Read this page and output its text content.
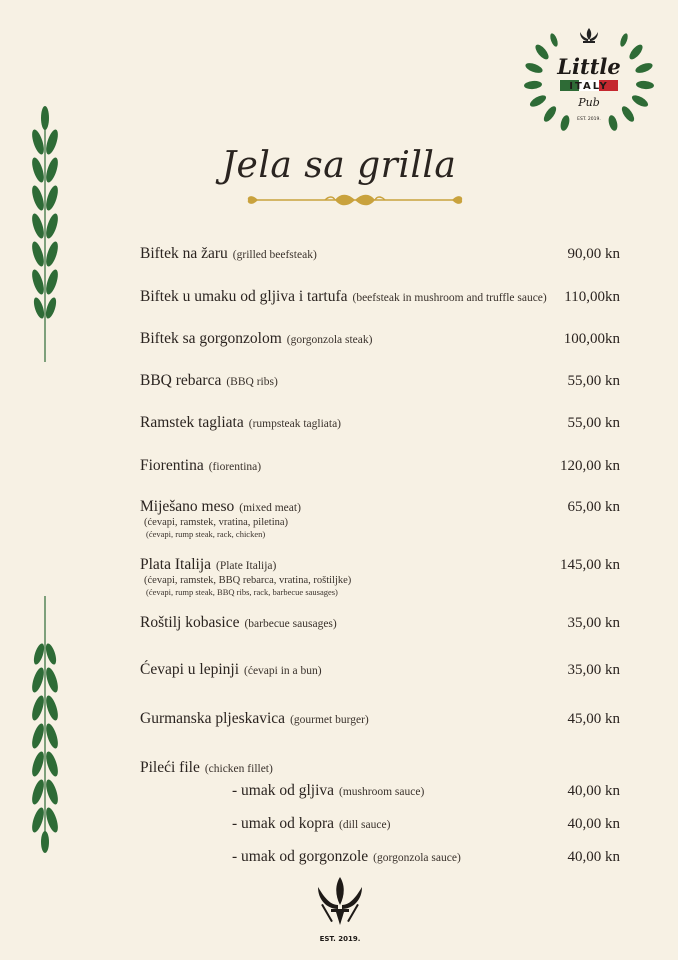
Little
ITALY
Pub
EST. 2019.
Jela sa grilla
Biftek na žaru (grilled beefsteak)	90,00 kn
Biftek u umaku od gljiva i tartufa (beefsteak in mushroom and truffle sauce) 110,00kn
Biftek sa gorgonzolom (gorgonzola steak)	100,00kn
BBQ rebarca (BBQ ribs)	55,00 kn
Ramstek tagliata (rumpsteak tagliata)	55,00 kn
Fiorentina (fiorentina)	120,00 kn
Miješano meso (mixed meat)	65,00 kn
(ćevapi, ramstek, vratina, piletina)
(ćevapi, rump steak, rack, chicken)
Plata Italija (Plate Italija)	145,00 kn
(ćevapi, ramstek, BBQ rebarca, vratina, roštiljke)
(ćevapi, rump steak, BBQ ribs, rack, barbecue sausages)
Roštilj kobasice (barbecue sausages)	35,00 kn
Ćevapi u lepinji (ćevapi in a bun)	35,00 kn
Gurmanska pljeskavica (gourmet burger)	45,00 kn
Pileći file (chicken fillet)
- umak od gljiva (mushroom sauce)	40,00 kn
- umak od kopra (dill sauce)	40,00 kn
- umak od gorgonzole (gorgonzola sauce)	40,00 kn
EST. 2019.
